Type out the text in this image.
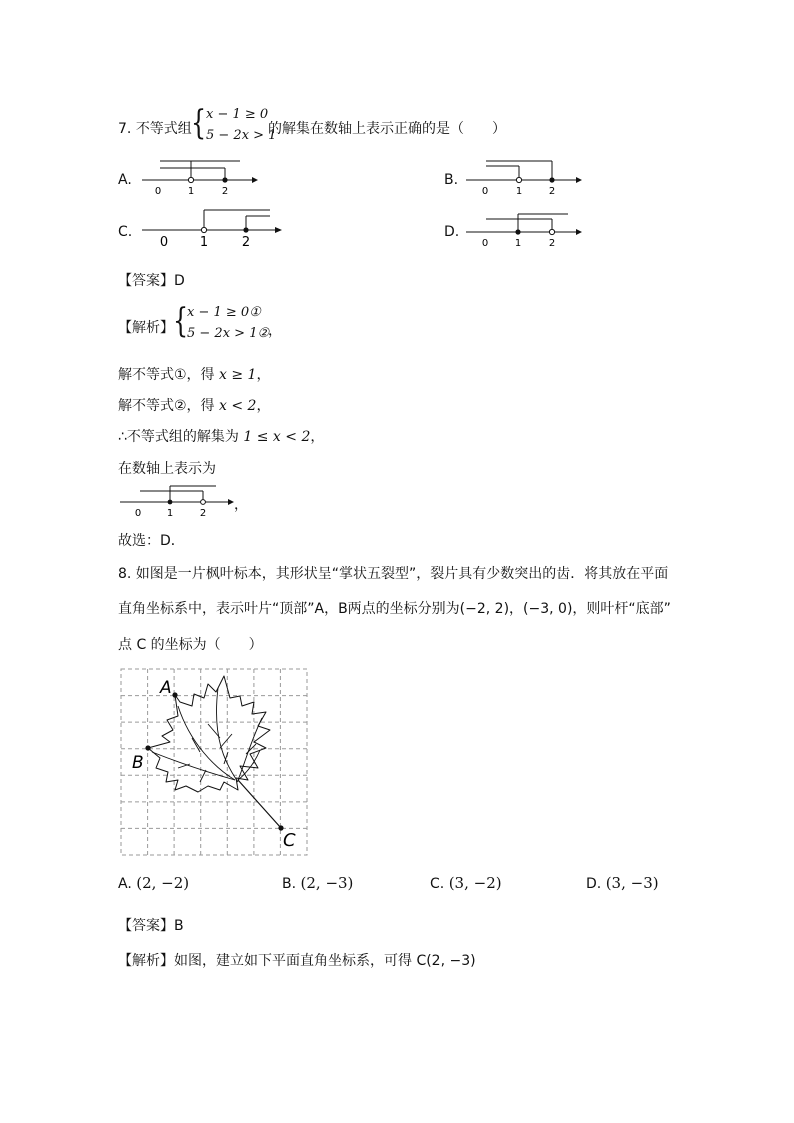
7. 不等式组 { x − 1 ≥ 0
5 − 2x > 1
的解集在数轴上表示正确的是（　　）
A.
0	1	2
B.
0	1	2
C.
0 1	2
D.
0	1	2
【答案】D
【解析】 {
x − 1 ≥ 0①
5 − 2x > 1②
，
解不等式①，得 x ≥ 1，
解不等式②，得 x < 2，
∴不等式组的解集为 1 ≤ x < 2，
在数轴上表示为
0	1	2
，
故选：D．
8. 如图是一片枫叶标本，其形状呈“掌状五裂型”，裂片具有少数突出的齿．将其放在平面
直角坐标系中，表示叶片“顶部”A，B两点的坐标分别为(−2, 2)，(−3, 0)，则叶杆“底部”
点 C 的坐标为（　　）
A
B
C
A. (2, −2)	B. (2, −3)	C. (3, −2)	D. (3, −3)
【答案】B
【解析】如图，建立如下平面直角坐标系，可得 C(2, −3)
